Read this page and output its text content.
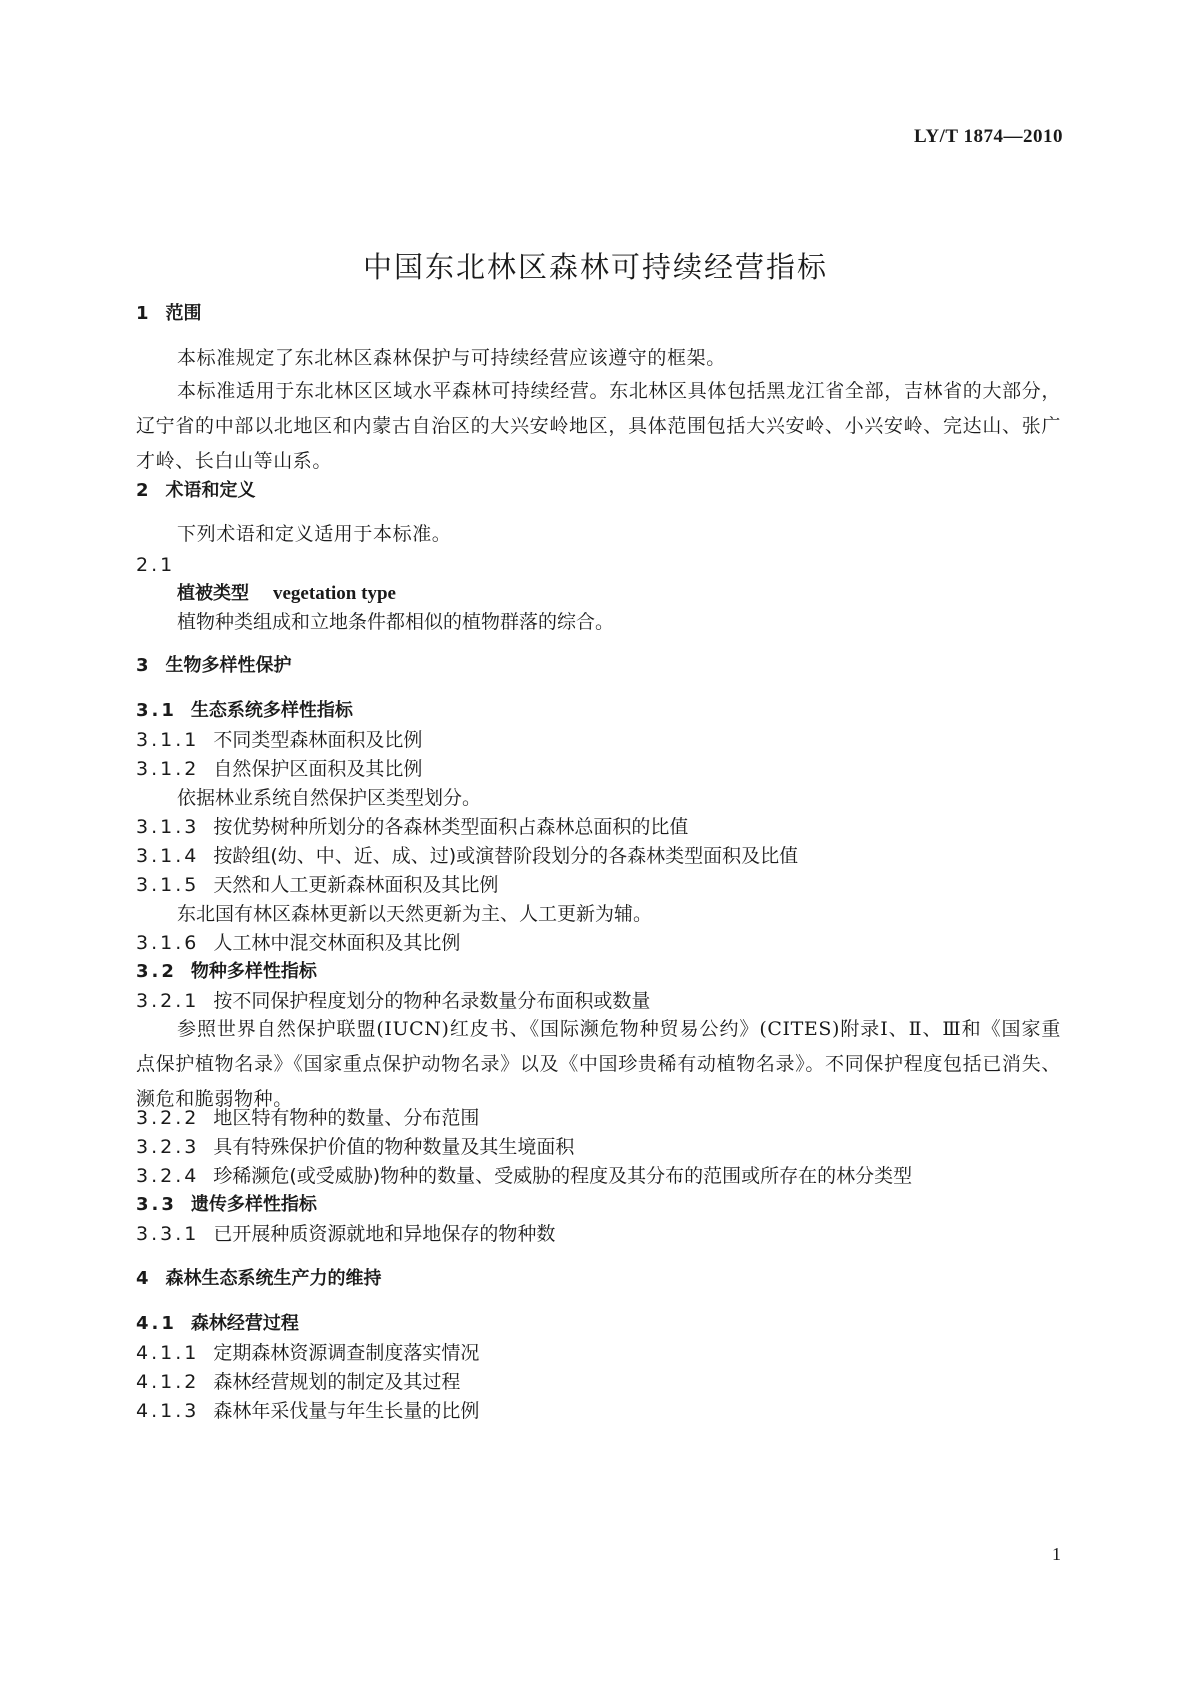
LY/T 1874—2010
中国东北林区森林可持续经营指标
1 范围
本标准规定了东北林区森林保护与可持续经营应该遵守的框架。
本标准适用于东北林区区域水平森林可持续经营。东北林区具体包括黑龙江省全部，吉林省的大部分，辽宁省的中部以北地区和内蒙古自治区的大兴安岭地区，具体范围包括大兴安岭、小兴安岭、完达山、张广才岭、长白山等山系。
2 术语和定义
下列术语和定义适用于本标准。
2.1
植被类型 vegetation type
植物种类组成和立地条件都相似的植物群落的综合。
3 生物多样性保护
3.1 生态系统多样性指标
3.1.1 不同类型森林面积及比例
3.1.2 自然保护区面积及其比例
依据林业系统自然保护区类型划分。
3.1.3 按优势树种所划分的各森林类型面积占森林总面积的比值
3.1.4 按龄组(幼、中、近、成、过)或演替阶段划分的各森林类型面积及比值
3.1.5 天然和人工更新森林面积及其比例
东北国有林区森林更新以天然更新为主、人工更新为辅。
3.1.6 人工林中混交林面积及其比例
3.2 物种多样性指标
3.2.1 按不同保护程度划分的物种名录数量分布面积或数量
参照世界自然保护联盟(IUCN)红皮书、《国际濒危物种贸易公约》(CITES)附录Ⅰ、Ⅱ、Ⅲ和《国家重点保护植物名录》《国家重点保护动物名录》以及《中国珍贵稀有动植物名录》。不同保护程度包括已消失、濒危和脆弱物种。
3.2.2 地区特有物种的数量、分布范围
3.2.3 具有特殊保护价值的物种数量及其生境面积
3.2.4 珍稀濒危(或受威胁)物种的数量、受威胁的程度及其分布的范围或所存在的林分类型
3.3 遗传多样性指标
3.3.1 已开展种质资源就地和异地保存的物种数
4 森林生态系统生产力的维持
4.1 森林经营过程
4.1.1 定期森林资源调查制度落实情况
4.1.2 森林经营规划的制定及其过程
4.1.3 森林年采伐量与年生长量的比例
1
